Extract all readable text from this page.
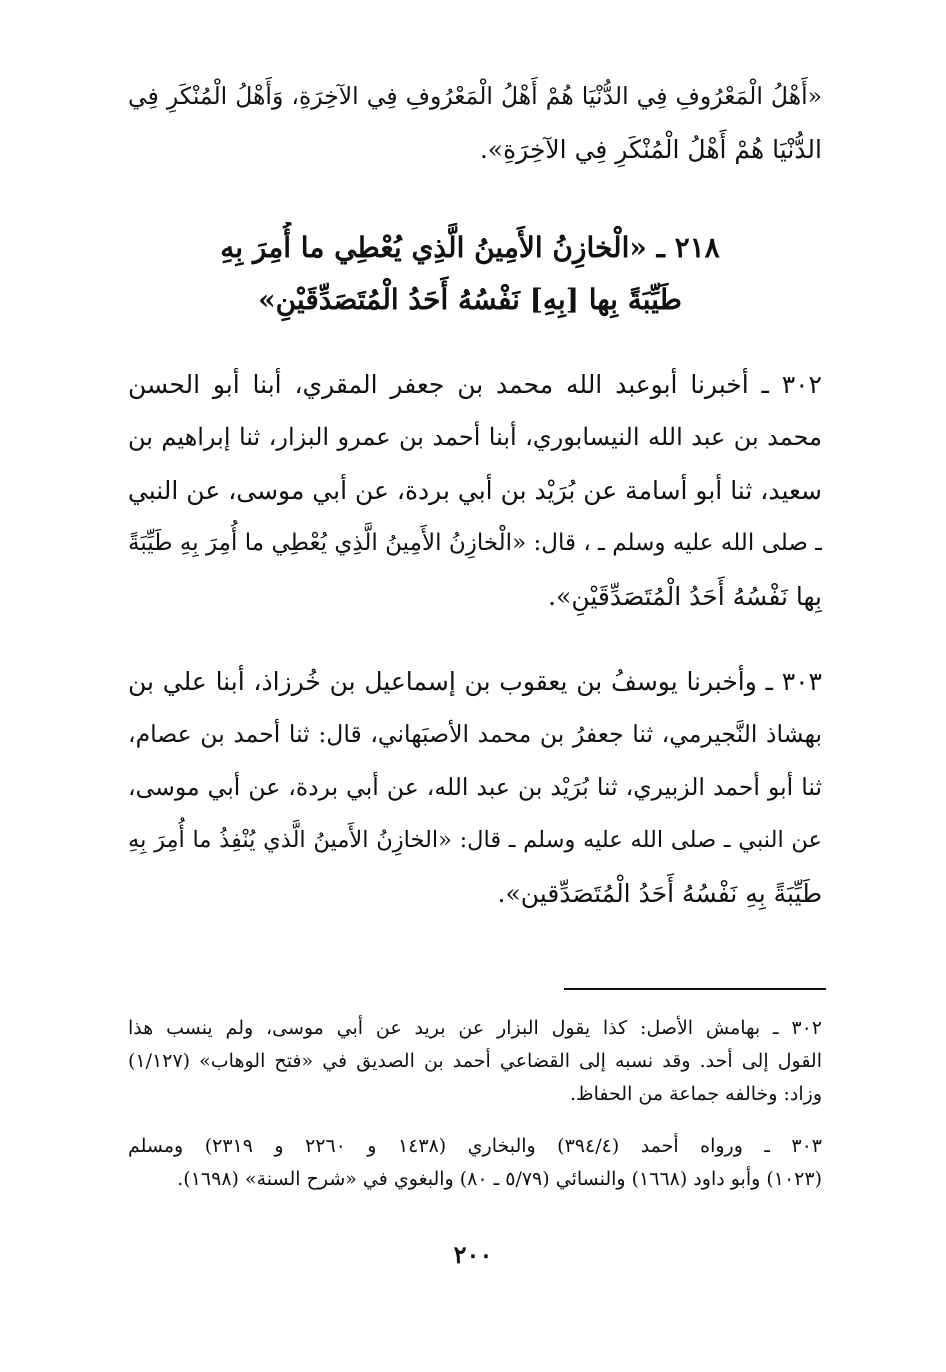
«أَهْلُ الْمَعْرُوفِ فِي الدُّنْيَا هُمْ أَهْلُ الْمَعْرُوفِ فِي الآخِرَةِ، وَأَهْلُ الْمُنْكَرِ فِي
الدُّنْيَا هُمْ أَهْلُ الْمُنْكَرِ فِي الآخِرَةِ».
٢١٨ ـ «الْخازِنُ الأَمِينُ الَّذِي يُعْطِي ما أُمِرَ بِهِ
طَيِّبَةً بِها [بِهِ] نَفْسُهُ أَحَدُ الْمُتَصَدِّقَيْنِ»
٣٠٢ ـ أخبرنا أبوعبد الله محمد بن جعفر المقري، أبنا أبو الحسن
محمد بن عبد الله النيسابوري، أبنا أحمد بن عمرو البزار، ثنا إبراهيم بن
سعيد، ثنا أبو أسامة عن بُرَيْد بن أبي بردة، عن أبي موسى، عن النبي
ـ صلى الله عليه وسلم ـ ، قال: «الْخازِنُ الأَمِينُ الَّذِي يُعْطِي ما أُمِرَ بِهِ طَيِّبَةً
بِها نَفْسُهُ أَحَدُ الْمُتَصَدِّقَيْنِ».
٣٠٣ ـ وأخبرنا يوسفُ بن يعقوب بن إسماعيل بن خُرزاذ، أبنا علي بن
بهشاذ النَّجيرمي، ثنا جعفرُ بن محمد الأصبَهاني، قال: ثنا أحمد بن عصام،
ثنا أبو أحمد الزبيري، ثنا بُرَيْد بن عبد الله، عن أبي بردة، عن أبي موسى،
عن النبي ـ صلى الله عليه وسلم ـ قال: «الخازِنُ الأَمينُ الَّذي يُنْفِذُ ما أُمِرَ بِهِ
طَيِّبَةً بِهِ نَفْسُهُ أَحَدُ الْمُتَصَدِّقين».
٣٠٢ ـ بهامش الأصل: كذا يقول البزار عن بريد عن أبي موسى، ولم ينسب هذا
القول إلى أحد. وقد نسبه إلى القضاعي أحمد بن الصديق في «فتح الوهاب» (١/١٢٧)
وزاد: وخالفه جماعة من الحفاظ.
٣٠٣ ـ ورواه أحمد (٣٩٤/٤) والبخاري (١٤٣٨ و ٢٢٦٠ و ٢٣١٩) ومسلم
(١٠٢٣) وأبو داود (١٦٦٨) والنسائي (٥/٧٩ ـ ٨٠) والبغوي في «شرح السنة» (١٦٩٨).
٢٠٠
